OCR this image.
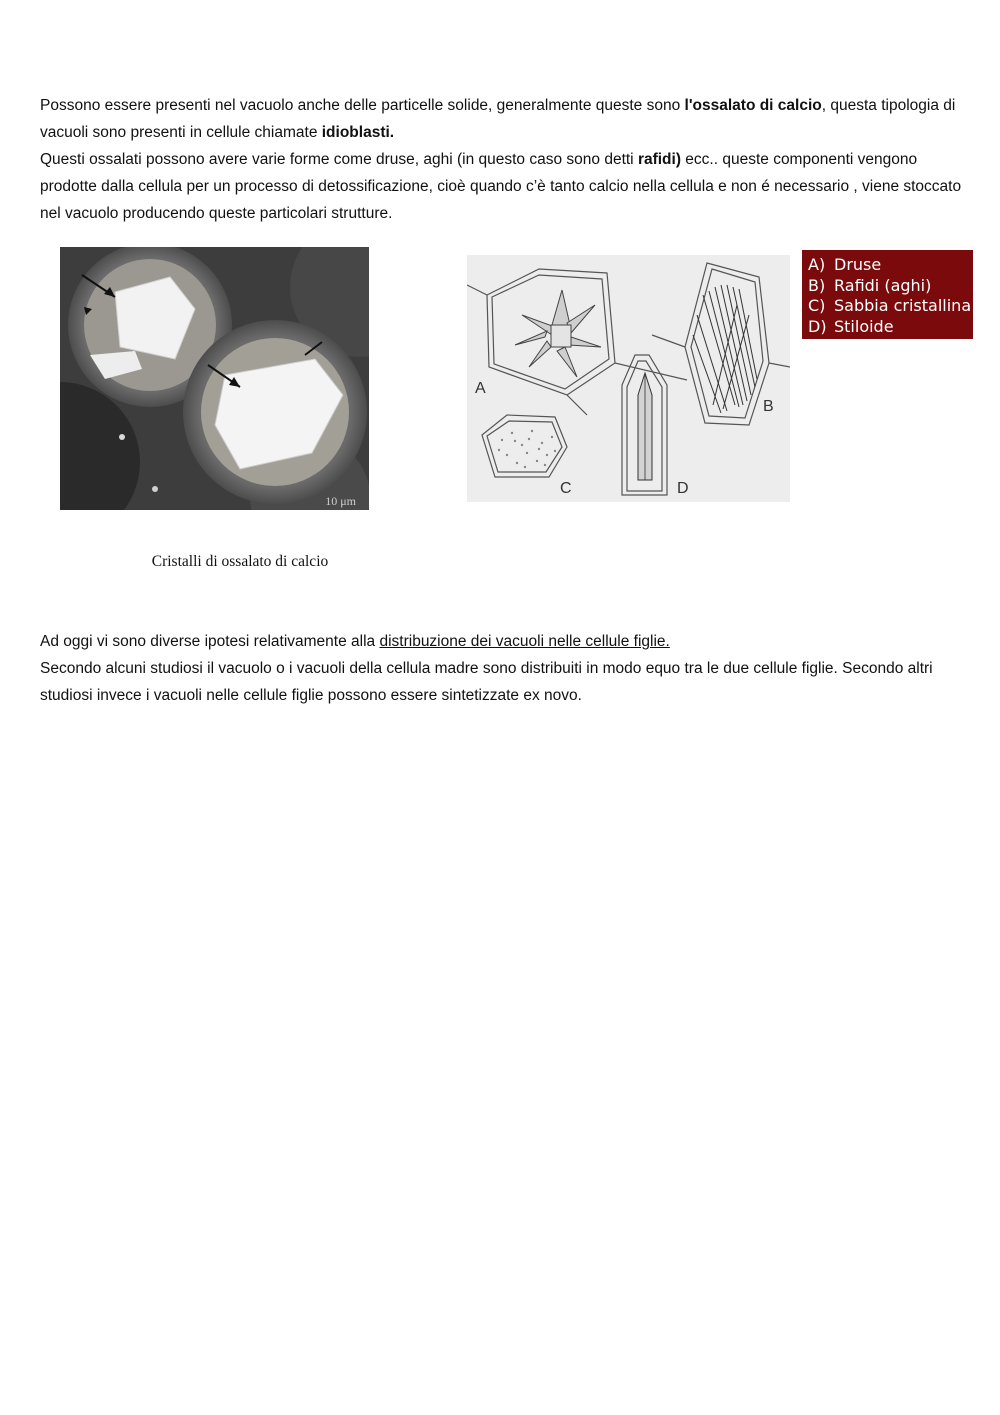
Possono essere presenti nel vacuolo anche delle particelle solide, generalmente queste sono l'ossalato di calcio, questa tipologia di vacuoli sono presenti in cellule chiamate idioblasti.
Questi ossalati possono avere varie forme come druse, aghi (in questo caso sono detti rafidi) ecc.. queste componenti vengono prodotte dalla cellula per un processo di detossificazione, cioè quando c’è tanto calcio nella cellula e non é necessario , viene stoccato nel vacuolo producendo queste particolari strutture.

10 μm
Cristalli di ossalato di calcio
A
B
C	D
A) Druse
B) Rafidi (aghi)
C) Sabbia cristallina
D) Stiloide

Ad oggi vi sono diverse ipotesi relativamente alla distribuzione dei vacuoli nelle cellule figlie.
Secondo alcuni studiosi il vacuolo o i vacuoli della cellula madre sono distribuiti in modo equo tra le due cellule figlie. Secondo altri studiosi invece i vacuoli nelle cellule figlie possono essere sintetizzate ex novo.
